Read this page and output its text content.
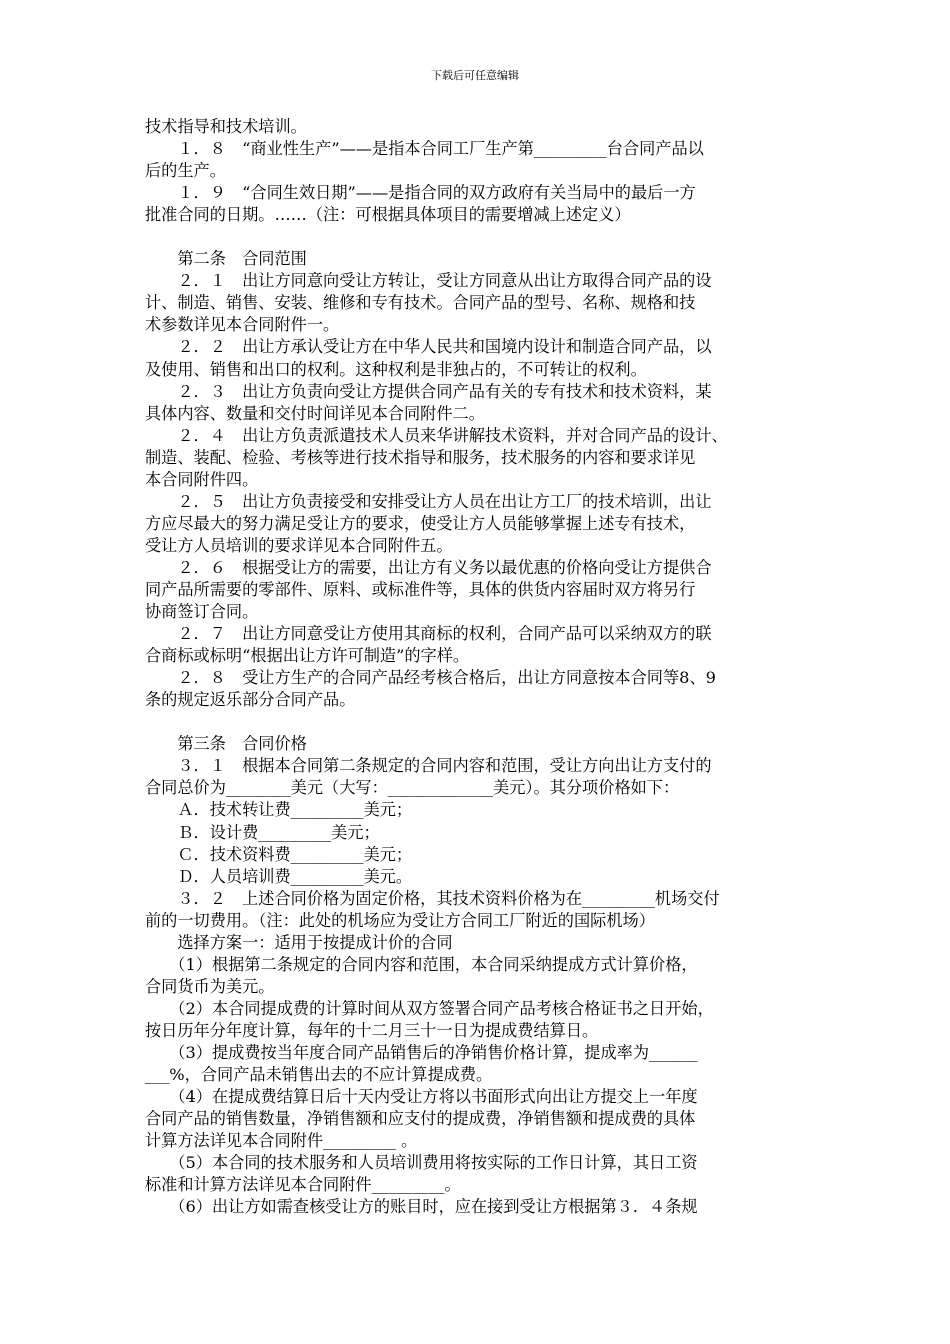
下载后可任意编辑
技术指导和技术培训。
　　１．８　“商业性生产”——是指本合同工厂生产第_________台合同产品以
后的生产。
　　１．９　“合同生效日期”——是指合同的双方政府有关当局中的最后一方
批准合同的日期。……（注：可根据具体项目的需要增减上述定义）
　　第二条　合同范围
　　２．１　出让方同意向受让方转让，受让方同意从出让方取得合同产品的设
计、制造、销售、安装、维修和专有技术。合同产品的型号、名称、规格和技
术参数详见本合同附件一。
　　２．２　出让方承认受让方在中华人民共和国境内设计和制造合同产品，以
及使用、销售和出口的权利。这种权利是非独占的，不可转让的权利。
　　２．３　出让方负责向受让方提供合同产品有关的专有技术和技术资料，某
具体内容、数量和交付时间详见本合同附件二。
　　２．４　出让方负责派遣技术人员来华讲解技术资料，并对合同产品的设计、
制造、装配、检验、考核等进行技术指导和服务，技术服务的内容和要求详见
本合同附件四。
　　２．５　出让方负责接受和安排受让方人员在出让方工厂的技术培训，出让
方应尽最大的努力满足受让方的要求，使受让方人员能够掌握上述专有技术，
受让方人员培训的要求详见本合同附件五。
　　２．６　根据受让方的需要，出让方有义务以最优惠的价格向受让方提供合
同产品所需要的零部件、原料、或标准件等，具体的供货内容届时双方将另行
协商签订合同。
　　２．７　出让方同意受让方使用其商标的权利，合同产品可以采纳双方的联
合商标或标明“根据出让方许可制造”的字样。
　　２．８　受让方生产的合同产品经考核合格后，出让方同意按本合同等8、9
条的规定返乐部分合同产品。
　　第三条　合同价格
　　３．１　根据本合同第二条规定的合同内容和范围，受让方向出让方支付的
合同总价为________美元（大写：_____________美元）。其分项价格如下：
　　Ａ．技术转让费_________美元；
　　Ｂ．设计费_________美元；
　　Ｃ．技术资料费_________美元；
　　Ｄ．人员培训费_________美元。
　　３．２　上述合同价格为固定价格，其技术资料价格为在_________机场交付
前的一切费用。（注：此处的机场应为受让方合同工厂附近的国际机场）
　　选择方案一：适用于按提成计价的合同
　　（1）根据第二条规定的合同内容和范围，本合同采纳提成方式计算价格，
合同货币为美元。
　　（2）本合同提成费的计算时间从双方签署合同产品考核合格证书之日开始，
按日历年分年度计算，每年的十二月三十一日为提成费结算日。
　　（3）提成费按当年度合同产品销售后的净销售价格计算，提成率为______
___%，合同产品未销售出去的不应计算提成费。
　　（4）在提成费结算日后十天内受让方将以书面形式向出让方提交上一年度
合同产品的销售数量，净销售额和应支付的提成费，净销售额和提成费的具体
计算方法详见本合同附件_________ 。
　　（5）本合同的技术服务和人员培训费用将按实际的工作日计算，其日工资
标准和计算方法详见本合同附件_________。
　　（6）出让方如需查核受让方的账目时，应在接到受让方根据第３．４条规
